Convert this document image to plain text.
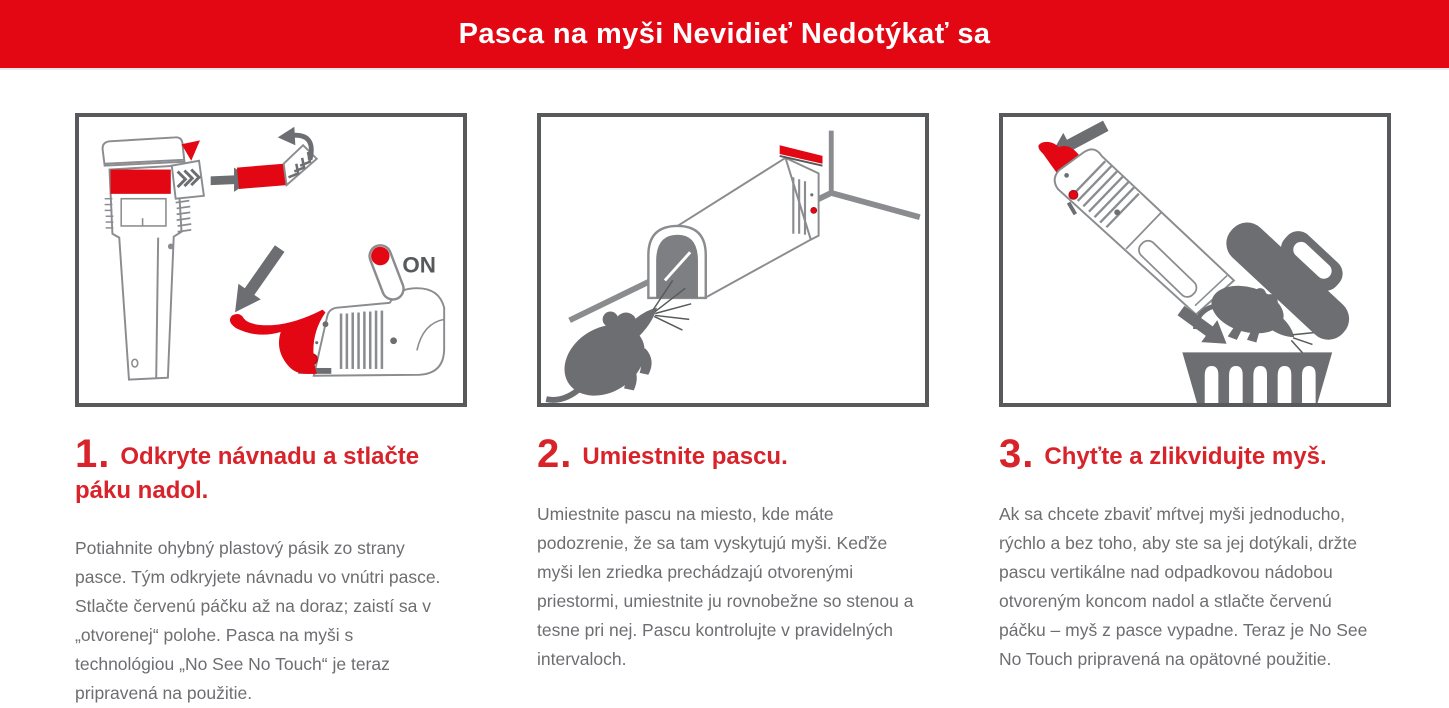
Pasca na myši Nevidieť Nedotýkať sa
ON
1. Odkryte návnadu a stlačte páku nadol.

Potiahnite ohybný plastový pásik zo strany pasce. Tým odkryjete návnadu vo vnútri pasce. Stlačte červenú páčku až na doraz; zaistí sa v „otvorenej“ polohe. Pasca na myši s technológiou „No See No Touch“ je teraz pripravená na použitie.

2. Umiestnite pascu.

Umiestnite pascu na miesto, kde máte podozrenie, že sa tam vyskytujú myši. Keďže myši len zriedka prechádzajú otvorenými priestormi, umiestnite ju rovnobežne so stenou a tesne pri nej. Pascu kontrolujte v pravidelných intervaloch.

3. Chyťte a zlikvidujte myš.

Ak sa chcete zbaviť mŕtvej myši jednoducho, rýchlo a bez toho, aby ste sa jej dotýkali, držte pascu vertikálne nad odpadkovou nádobou otvoreným koncom nadol a stlačte červenú páčku – myš z pasce vypadne. Teraz je No See No Touch pripravená na opätovné použitie.
